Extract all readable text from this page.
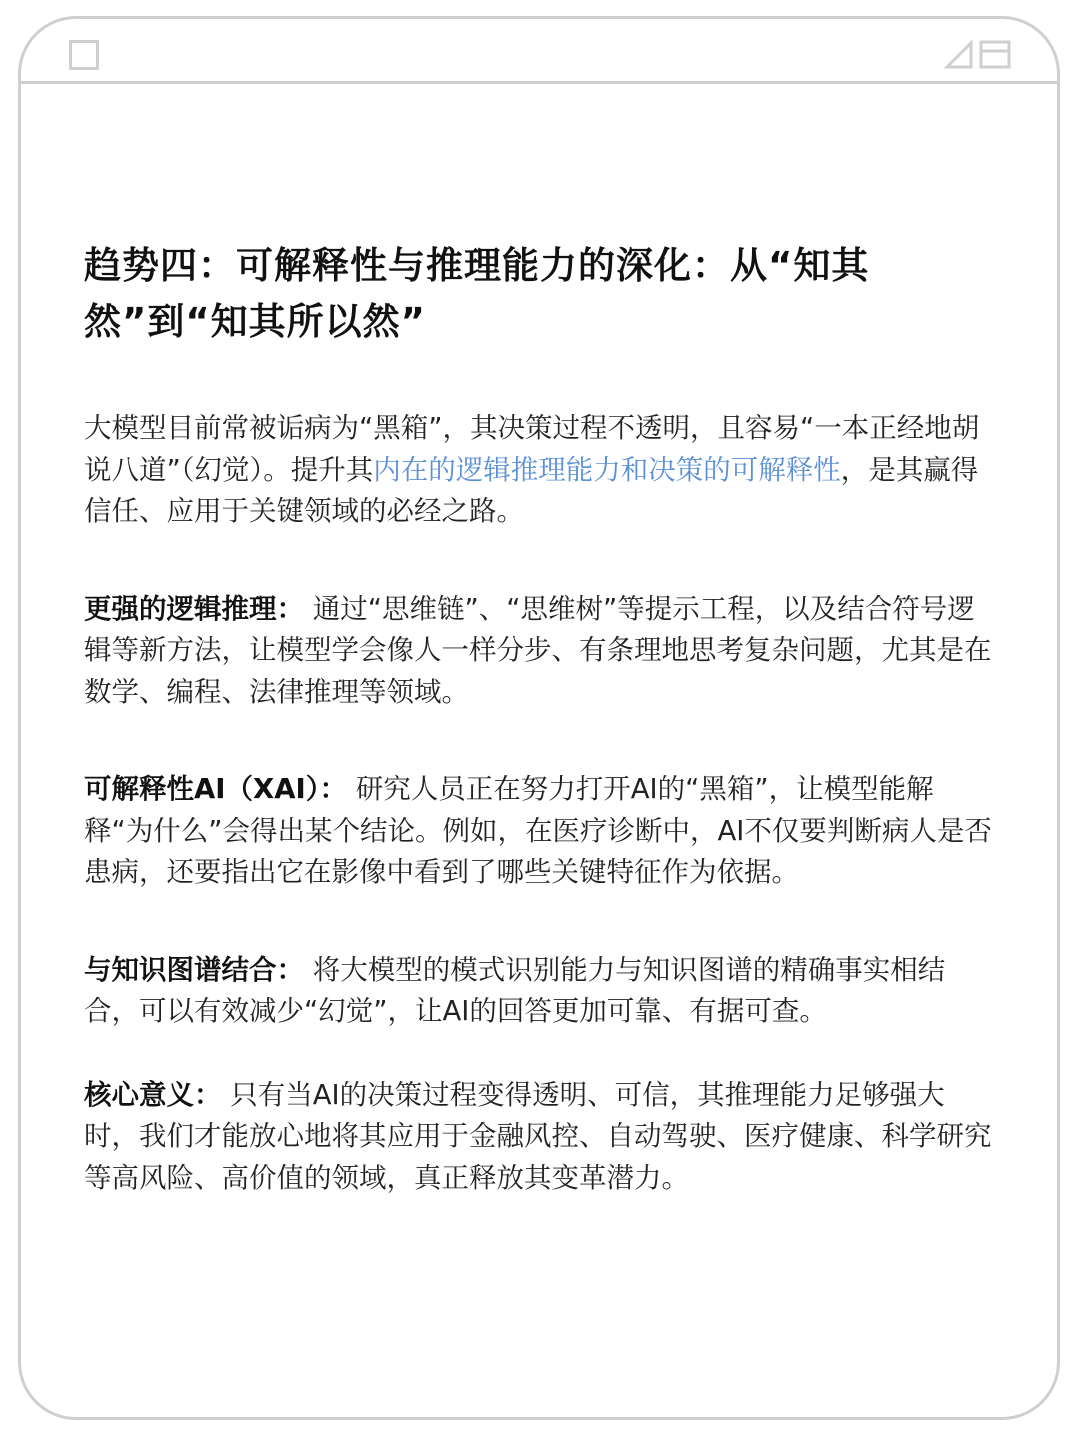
趋势四：可解释性与推理能力的深化：从“知其然”到“知其所以然”

大模型目前常被诟病为“黑箱”，其决策过程不透明，且容易“一本正经地胡说八道”（幻觉）。提升其内在的逻辑推理能力和决策的可解释性，是其赢得信任、应用于关键领域的必经之路。

更强的逻辑推理： 通过“思维链”、“思维树”等提示工程，以及结合符号逻辑等新方法，让模型学会像人一样分步、有条理地思考复杂问题，尤其是在数学、编程、法律推理等领域。

可解释性AI（XAI）： 研究人员正在努力打开AI的“黑箱”，让模型能解释“为什么”会得出某个结论。例如，在医疗诊断中，AI不仅要判断病人是否患病，还要指出它在影像中看到了哪些关键特征作为依据。

与知识图谱结合： 将大模型的模式识别能力与知识图谱的精确事实相结合，可以有效减少“幻觉”，让AI的回答更加可靠、有据可查。

核心意义： 只有当AI的决策过程变得透明、可信，其推理能力足够强大时，我们才能放心地将其应用于金融风控、自动驾驶、医疗健康、科学研究等高风险、高价值的领域，真正释放其变革潜力。
